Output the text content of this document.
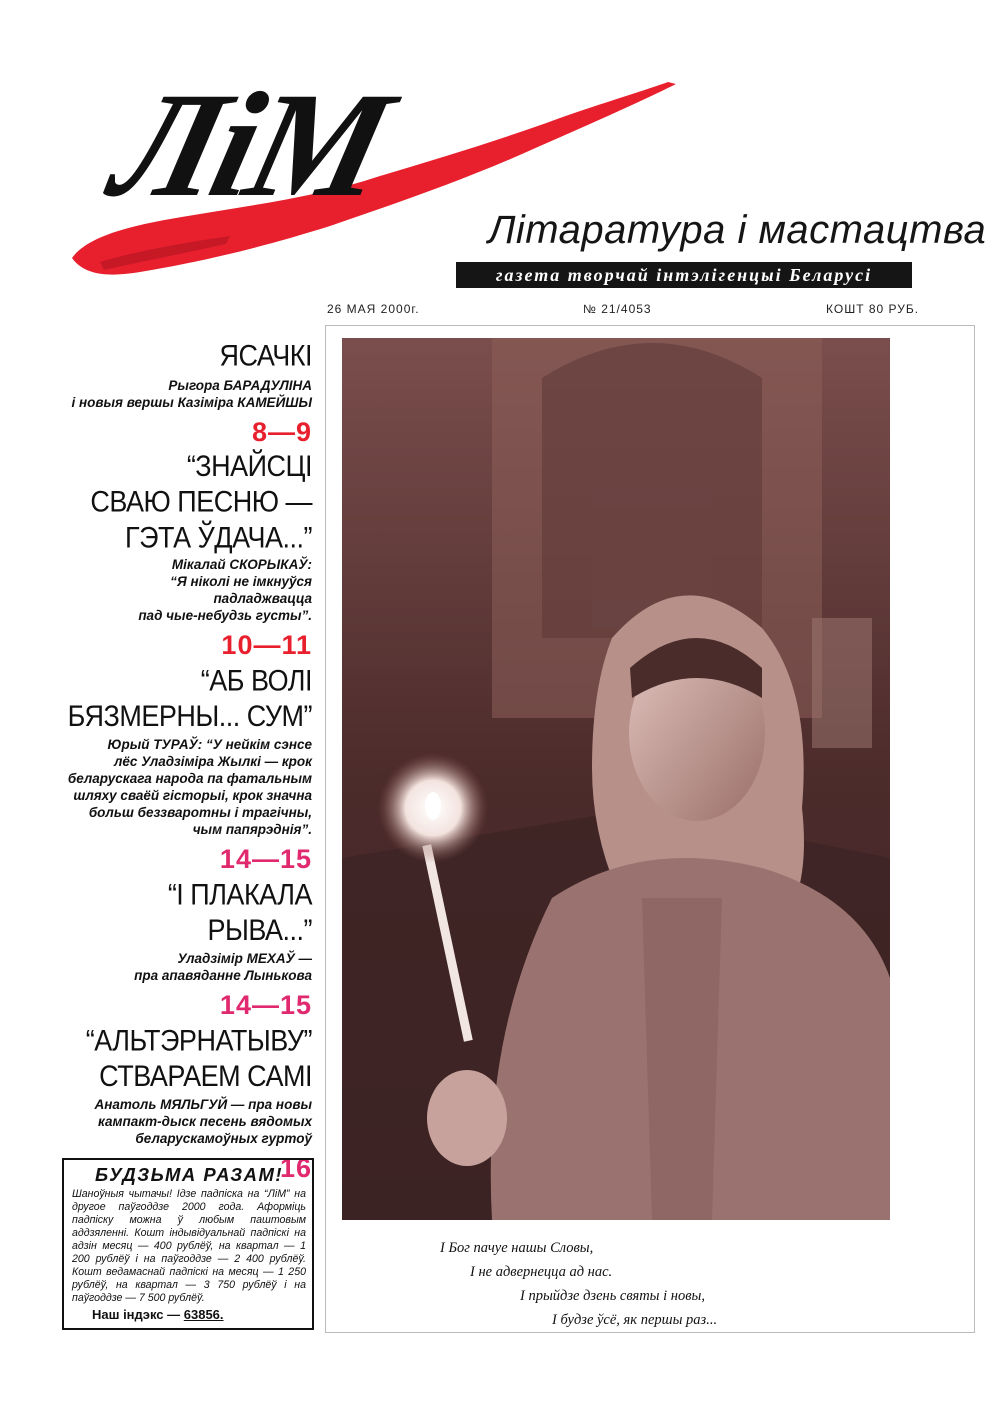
ЛіМ
Літаратура і мастацтва
газета творчай інтэлігенцыі Беларусі
26 МАЯ 2000г.	№ 21/4053	КОШТ 80 РУБ.
ЯСАЧКІ
Рыгора БАРАДУЛІНА
і новыя вершы Казіміра КАМЕЙШЫ
8—9
“ЗНАЙСЦІ
СВАЮ ПЕСНЮ —
ГЭТА ЎДАЧА...”
Мікалай СКОРЫКАЎ:
“Я ніколі не імкнуўся
падладжвацца
пад чые-небудзь густы”.
10—11
“АБ ВОЛІ
БЯЗМЕРНЫ... СУМ”
Юрый ТУРАЎ: “У нейкім сэнсе
лёс Уладзіміра Жылкі — крок
беларускага народа па фатальным
шляху сваёй гісторыі, крок значна
больш беззваротны і трагічны,
чым папярэднія”.
14—15
“І ПЛАКАЛА РЫВА...”
Уладзімір МЕХАЎ —
пра апавяданне Лынькова
14—15
“АЛЬТЭРНАТЫВУ”
СТВАРАЕМ САМІ
Анатоль МЯЛЬГУЙ — пра новы
кампакт-дыск песень вядомых
беларускамоўных гуртоў
16
БУДЗЬМА РАЗАМ!
Шаноўныя чытачы! Ідзе падпіска на “ЛіМ” на другое паўгоддзе 2000 года. Аформіць падпіску можна ў любым паштовым аддзяленні. Кошт індывідуальнай падпіскі на адзін месяц — 400 рублёў, на квартал — 1 200 рублёў і на паўгоддзе — 2 400 рублёў. Кошт ведамаснай падпіскі на месяц — 1 250 рублёў, на квартал — 3 750 рублёў і на паўгоддзе — 7 500 рублёў.
Наш індэкс — 63856.
І Бог пачуе нашы Словы,
І не адвернецца ад нас.
І прыйдзе дзень святы і новы,
І будзе ўсё, як першы раз...
